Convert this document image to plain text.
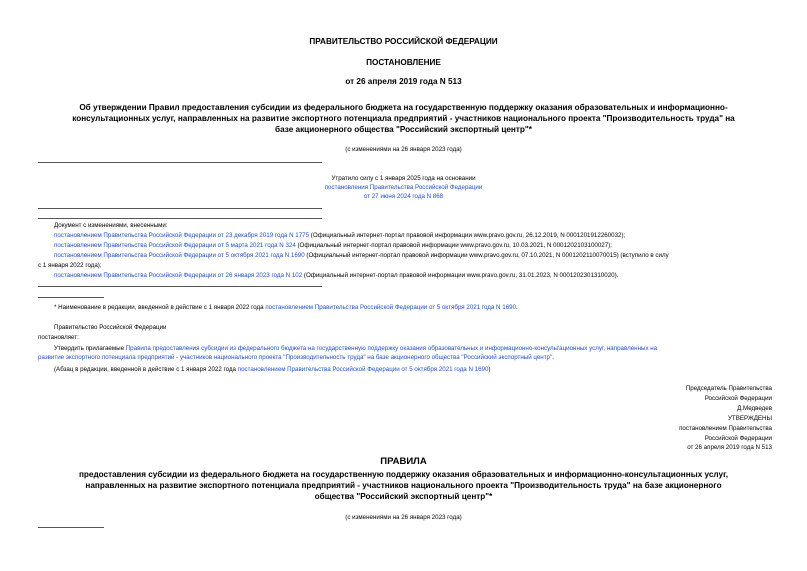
ПРАВИТЕЛЬСТВО РОССИЙСКОЙ ФЕДЕРАЦИИ
ПОСТАНОВЛЕНИЕ
от 26 апреля 2019 года N 513
Об утверждении Правил предоставления субсидии из федерального бюджета на государственную поддержку оказания образовательных и информационно-
консультационных услуг, направленных на развитие экспортного потенциала предприятий - участников национального проекта "Производительность труда" на
базе акционерного общества "Российский экспортный центр"*
(с изменениями на 26 января 2023 года)
Утратило силу с 1 января 2025 года на основании
постановления Правительства Российской Федерации
от 27 июня 2024 года N 868
Документ с изменениями, внесенными:
постановлением Правительства Российской Федерации от 23 декабря 2019 года N 1775 (Официальный интернет-портал правовой информации www.pravo.gov.ru, 26.12.2019, N 0001201912260032);
постановлением Правительства Российской Федерации от 5 марта 2021 года N 324 (Официальный интернет-портал правовой информации www.pravo.gov.ru, 10.03.2021, N 0001202103100027);
постановлением Правительства Российской Федерации от 5 октября 2021 года N 1690 (Официальный интернет-портал правовой информации www.pravo.gov.ru, 07.10.2021, N 0001202110070015) (вступило в силу
с 1 января 2022 года);
постановлением Правительства Российской Федерации от 26 января 2023 года N 102 (Официальный интернет-портал правовой информации www.pravo.gov.ru, 31.01.2023, N 0001202301310020).
* Наименование в редакции, введенной в действие с 1 января 2022 года постановлением Правительства Российской Федерации от 5 октября 2021 года N 1690.
Правительство Российской Федерации
постановляет:
Утвердить прилагаемые Правила предоставления субсидии из федерального бюджета на государственную поддержку оказания образовательных и информационно-консультационных услуг, направленных на
развитие экспортного потенциала предприятий - участников национального проекта "Производительность труда" на базе акционерного общества "Российский экспортный центр".
(Абзац в редакции, введенной в действие с 1 января 2022 года постановлением Правительства Российской Федерации от 5 октября 2021 года N 1690)
Председатель Правительства
Российской Федерации
Д.Медведев
УТВЕРЖДЕНЫ
постановлением Правительства
Российской Федерации
от 26 апреля 2019 года N 513
ПРАВИЛА
предоставления субсидии из федерального бюджета на государственную поддержку оказания образовательных и информационно-консультационных услуг,
направленных на развитие экспортного потенциала предприятий - участников национального проекта "Производительность труда" на базе акционерного
общества "Российский экспортный центр"*
(с изменениями на 26 января 2023 года)
